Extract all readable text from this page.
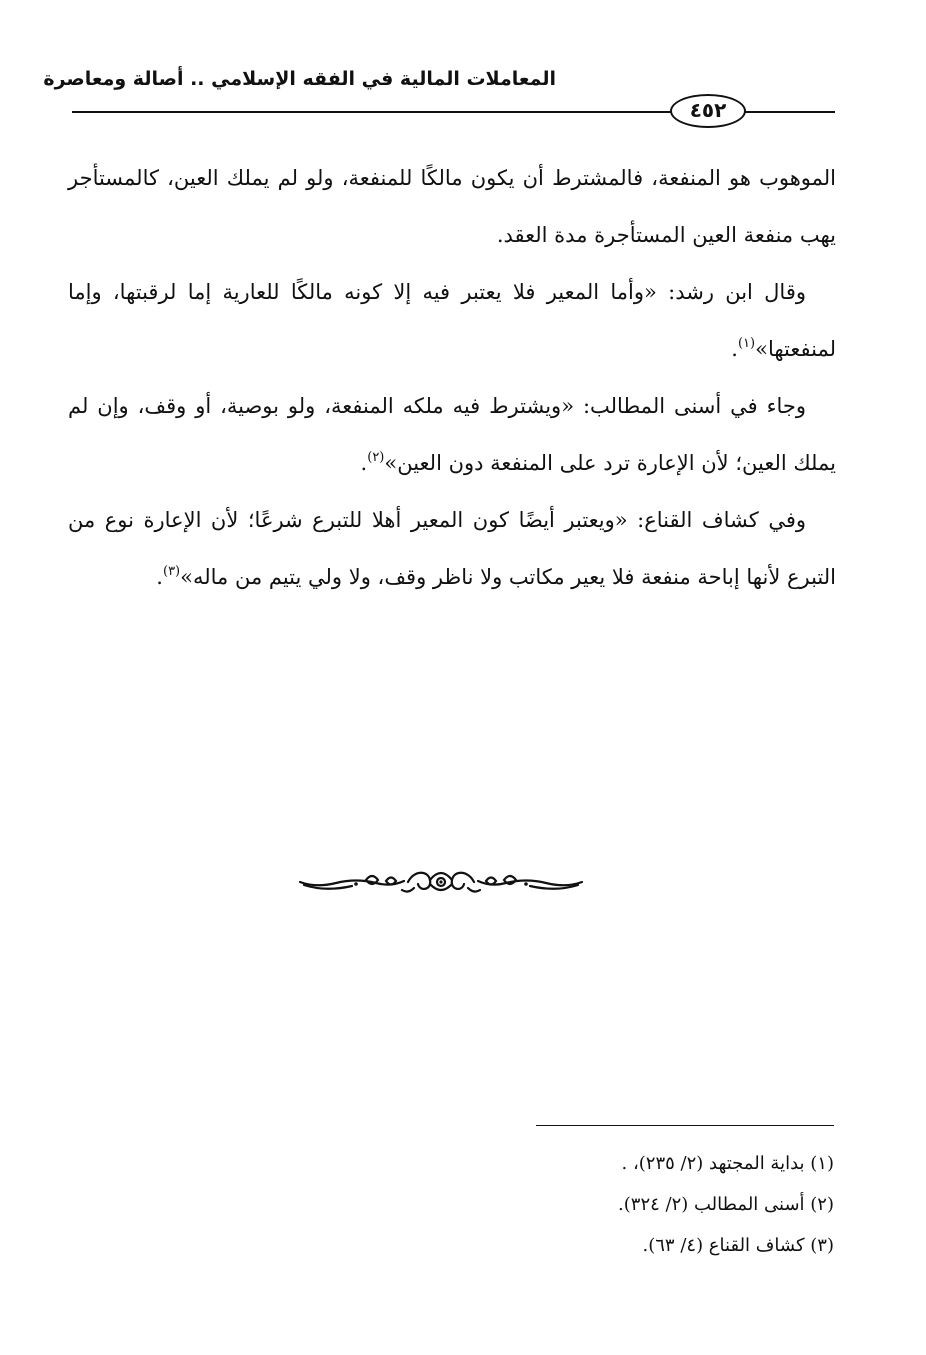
المعاملات المالية في الفقه الإسلامي .. أصالة ومعاصرة
٤٥٢

الموهوب هو المنفعة، فالمشترط أن يكون مالكًا للمنفعة، ولو لم يملك العين، كالمستأجر يهب منفعة العين المستأجرة مدة العقد.

وقال ابن رشد: «وأما المعير فلا يعتبر فيه إلا كونه مالكًا للعارية إما لرقبتها، وإما لمنفعتها»$^{(١)}$.

وجاء في أسنى المطالب: «ويشترط فيه ملكه المنفعة، ولو بوصية، أو وقف، وإن لم يملك العين؛ لأن الإعارة ترد على المنفعة دون العين»$^{(٢)}$.

وفي كشاف القناع: «ويعتبر أيضًا كون المعير أهلا للتبرع شرعًا؛ لأن الإعارة نوع من التبرع لأنها إباحة منفعة فلا يعير مكاتب ولا ناظر وقف، ولا ولي يتيم من ماله»$^{(٣)}$.

(١) بداية المجتهد (٢/ ٢٣٥)، .

(٢) أسنى المطالب (٢/ ٣٢٤).

(٣) كشاف القناع (٤/ ٦٣).
